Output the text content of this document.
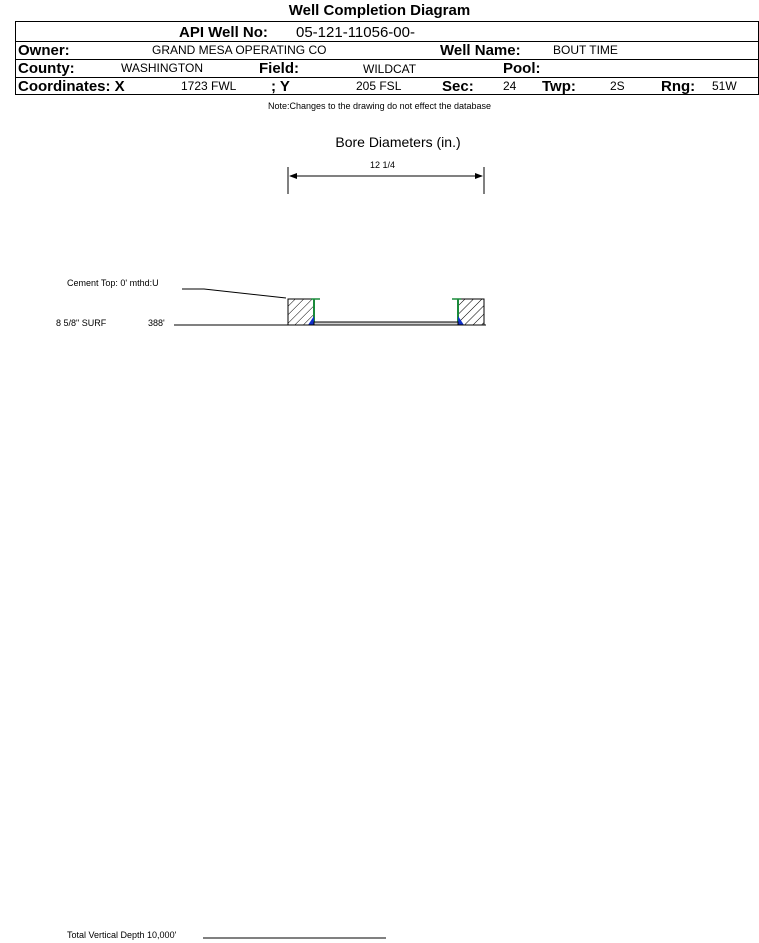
Well Completion Diagram
API Well No: 05-121-11056-00-
Owner:	GRAND MESA OPERATING CO	Well Name:	BOUT TIME
County:	WASHINGTON	Field:	WILDCAT	Pool:
Coordinates: X	1723 FWL ; Y	205 FSL	Sec: 24 Twp:	2S Rng: 51W
Note:Changes to the drawing do not effect the database
Bore Diameters (in.)
12 1/4
Cement Top: 0' mthd:U
8 5/8" SURF	388'
Total Vertical Depth 10,000'
